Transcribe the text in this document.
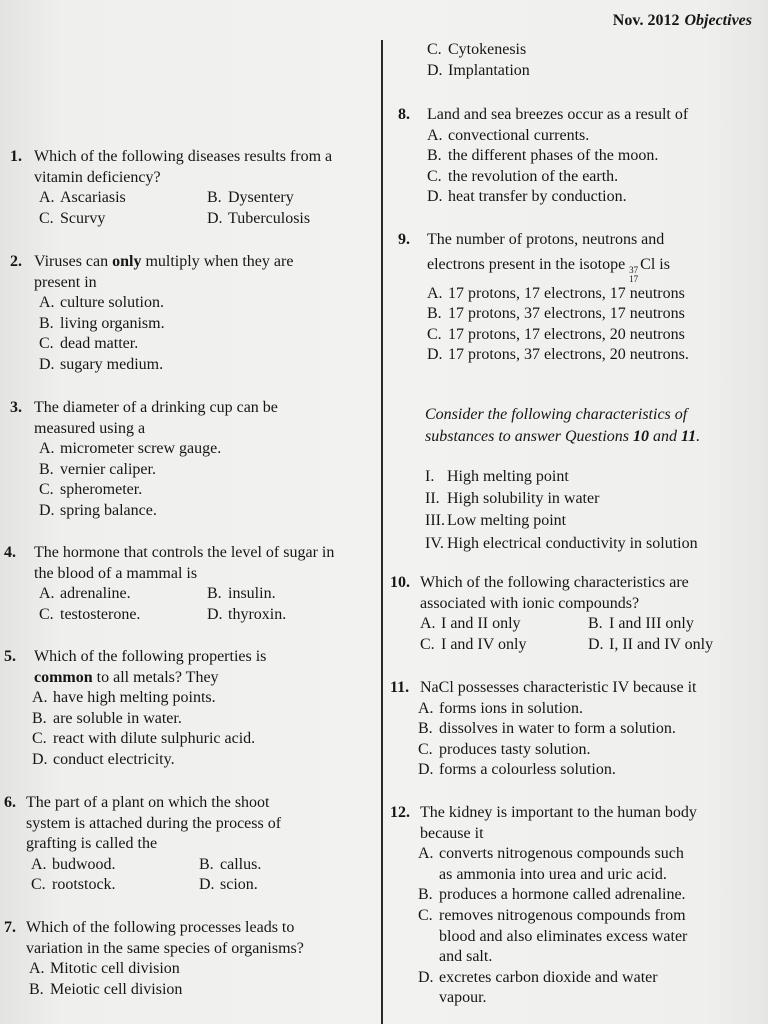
Nov. 2012 Objectives
1. Which of the following diseases results from a
vitamin deficiency?
A. Ascariasis	B. Dysentery
C. Scurvy	D. Tuberculosis
2. Viruses can only multiply when they are
present in
A. culture solution.
B. living organism.
C. dead matter.
D. sugary medium.
3. The diameter of a drinking cup can be
measured using a
A. micrometer screw gauge.
B. vernier caliper.
C. spherometer.
D. spring balance.
4. The hormone that controls the level of sugar in
the blood of a mammal is
A. adrenaline.	B. insulin.
C. testosterone.	D. thyroxin.
5. Which of the following properties is
common to all metals? They
A. have high melting points.
B. are soluble in water.
C. react with dilute sulphuric acid.
D. conduct electricity.
6. The part of a plant on which the shoot
system is attached during the process of
grafting is called the
A. budwood.	B. callus.
C. rootstock.	D. scion.
7. Which of the following processes leads to
variation in the same species of organisms?
A. Mitotic cell division
B. Meiotic cell division
C. Cytokenesis
D. Implantation
8. Land and sea breezes occur as a result of
A. convectional currents.
B. the different phases of the moon.
C. the revolution of the earth.
D. heat transfer by conduction.
9. The number of protons, neutrons and
electrons present in the isotope 37
17
Cl is
A. 17 protons, 17 electrons, 17 neutrons
B. 17 protons, 37 electrons, 17 neutrons
C. 17 protons, 17 electrons, 20 neutrons
D. 17 protons, 37 electrons, 20 neutrons.
Consider the following characteristics of
substances to answer Questions 10 and 11.
I. High melting point
II. High solubility in water
III. Low melting point
IV. High electrical conductivity in solution
10. Which of the following characteristics are
associated with ionic compounds?
A. I and II only	B. I and III only
C. I and IV only	D. I, II and IV only
11. NaCl possesses characteristic IV because it
A. forms ions in solution.
B. dissolves in water to form a solution.
C. produces tasty solution.
D. forms a colourless solution.
12. The kidney is important to the human body
because it
A. converts nitrogenous compounds such
as ammonia into urea and uric acid.
B. produces a hormone called adrenaline.
C. removes nitrogenous compounds from
blood and also eliminates excess water
and salt.
D. excretes carbon dioxide and water
vapour.
